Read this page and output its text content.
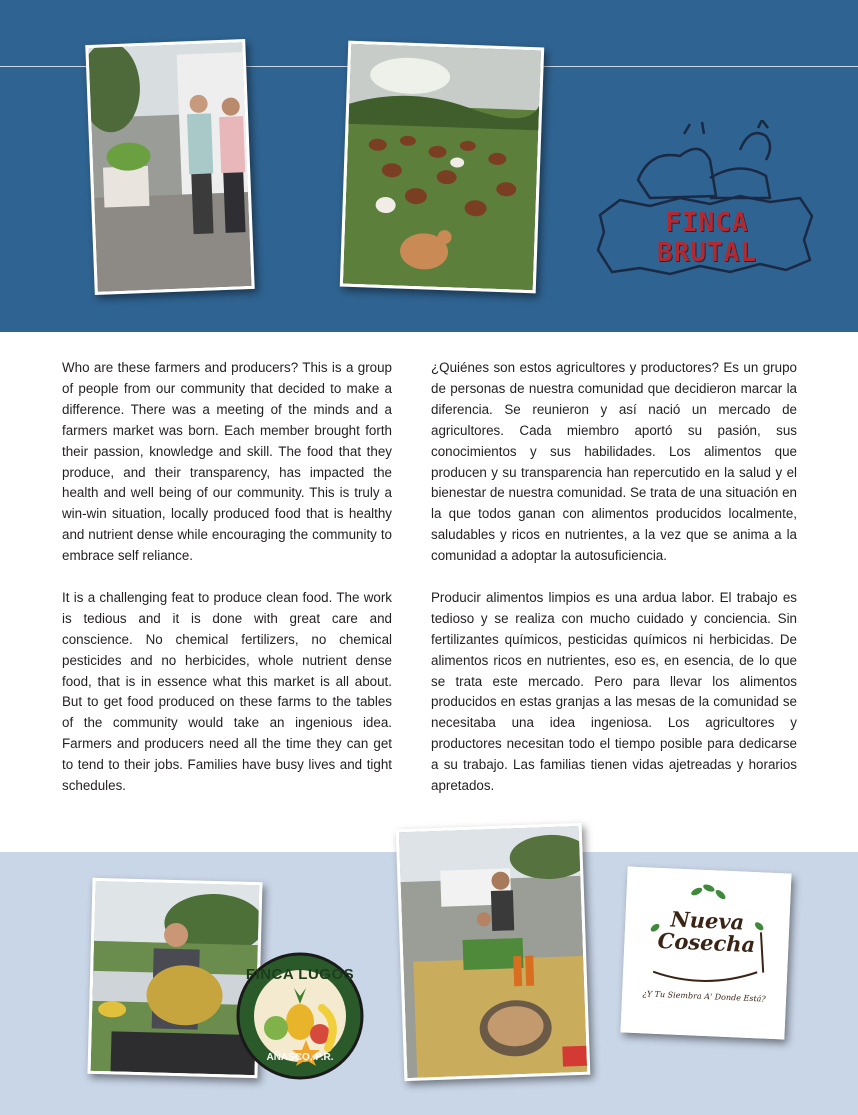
FINCA BRUTAL

Who are these farmers and producers? This is a group of people from our community that decided to make a difference. There was a meeting of the minds and a farmers market was born. Each member brought forth their passion, knowledge and skill. The food that they produce, and their transparency, has impacted the health and well being of our community. This is truly a win-win situation, locally produced food that is healthy and nutrient dense while encouraging the community to embrace self reliance.

It is a challenging feat to produce clean food. The work is tedious and it is done with great care and conscience. No chemical fertilizers, no chemical pesticides and no herbicides, whole nutrient dense food, that is in essence what this market is all about. But to get food produced on these farms to the tables of the community would take an ingenious idea. Farmers and producers need all the time they can get to tend to their jobs. Families have busy lives and tight schedules.

¿Quiénes son estos agricultores y productores? Es un grupo de personas de nuestra comunidad que decidieron marcar la diferencia. Se reunieron y así nació un mercado de agricultores. Cada miembro aportó su pasión, sus conocimientos y sus habilidades. Los alimentos que producen y su transparencia han repercutido en la salud y el bienestar de nuestra comunidad. Se trata de una situación en la que todos ganan con alimentos producidos localmente, saludables y ricos en nutrientes, a la vez que se anima a la comunidad a adoptar la autosuficiencia.

Producir alimentos limpios es una ardua labor. El trabajo es tedioso y se realiza con mucho cuidado y conciencia. Sin fertilizantes químicos, pesticidas químicos ni herbicidas. De alimentos ricos en nutrientes, eso es, en esencia, de lo que se trata este mercado. Pero para llevar los alimentos producidos en estas granjas a las mesas de la comunidad se necesitaba una idea ingeniosa. Los agricultores y productores necesitan todo el tiempo posible para dedicarse a su trabajo. Las familias tienen vidas ajetreadas y horarios apretados.

FINCA LUGOS
AÑASCO, P.R.
Nueva
Cosecha
¿Y Tu Siembra A' Donde Está?
